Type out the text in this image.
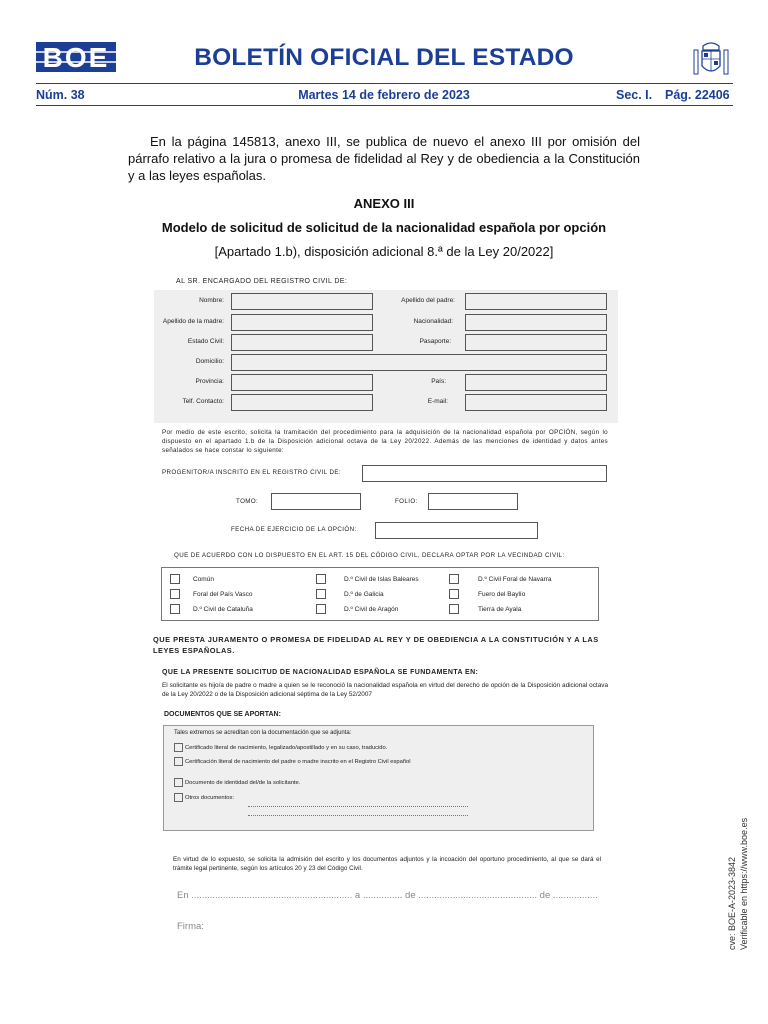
BOE	BOLETÍN OFICIAL DEL ESTADO
Núm. 38	Martes 14 de febrero de 2023	Sec. I. Pág. 22406
En la página 145813, anexo III, se publica de nuevo el anexo III por omisión del párrafo relativo a la jura o promesa de fidelidad al Rey y de obediencia a la Constitución y a las leyes españolas.
ANEXO III
Modelo de solicitud de solicitud de la nacionalidad española por opción
[Apartado 1.b), disposición adicional 8.ª de la Ley 20/2022]
AL SR. ENCARGADO DEL REGISTRO CIVIL DE:
Nombre:	Apellido del padre:
Apellido de la madre:	Nacionalidad:
Estado Civil:	Pasaporte:
Domicilio:
Provincia:	País:
Telf. Contacto:	E-mail:
Por medio de este escrito, solicita la tramitación del procedimiento para la adquisición de la nacionalidad española por OPCIÓN, según lo dispuesto en el apartado 1.b de la Disposición adicional octava de la Ley 20/2022. Además de las menciones de identidad y datos antes señalados se hace constar lo siguiente:
PROGENITOR/A INSCRITO EN EL REGISTRO CIVIL DE:
TOMO:	FOLIO:
FECHA DE EJERCICIO DE LA OPCIÓN:
QUE DE ACUERDO CON LO DISPUESTO EN EL ART. 15 DEL CÓDIGO CIVIL, DECLARA OPTAR POR LA VECINDAD CIVIL:
Común	D.º Civil de Islas Baleares	D.º Civil Foral de Navarra
Foral del País Vasco	D.º de Galicia	Fuero del Baylío
D.º Civil de Cataluña	D.º Civil de Aragón	Tierra de Ayala
QUE PRESTA JURAMENTO O PROMESA DE FIDELIDAD AL REY Y DE OBEDIENCIA A LA CONSTITUCIÓN Y A LAS LEYES ESPAÑOLAS.
QUE LA PRESENTE SOLICITUD DE NACIONALIDAD ESPAÑOLA SE FUNDAMENTA EN:
El solicitante es hijo/a de padre o madre a quien se le reconoció la nacionalidad española en virtud del derecho de opción de la Disposición adicional octava de la Ley 20/2022 o de la Disposición adicional séptima de la Ley 52/2007
DOCUMENTOS QUE SE APORTAN:
Tales extremos se acreditan con la documentación que se adjunta:
Certificado literal de nacimiento, legalizado/apostillado y en su caso, traducido.
Certificación literal de nacimiento del padre o madre inscrito en el Registro Civil español
Documento de identidad del/de la solicitante.
Otros documentos:
En virtud de lo expuesto, se solicita la admisión del escrito y los documentos adjuntos y la incoación del oportuno procedimiento, al que se dará el trámite legal pertinente, según los artículos 20 y 23 del Código Civil.
En ............................................................. a ............... de ............................................. de .................
Firma:	cve: BOE-A-2023-3842 Verificable en https://www.boe.es
